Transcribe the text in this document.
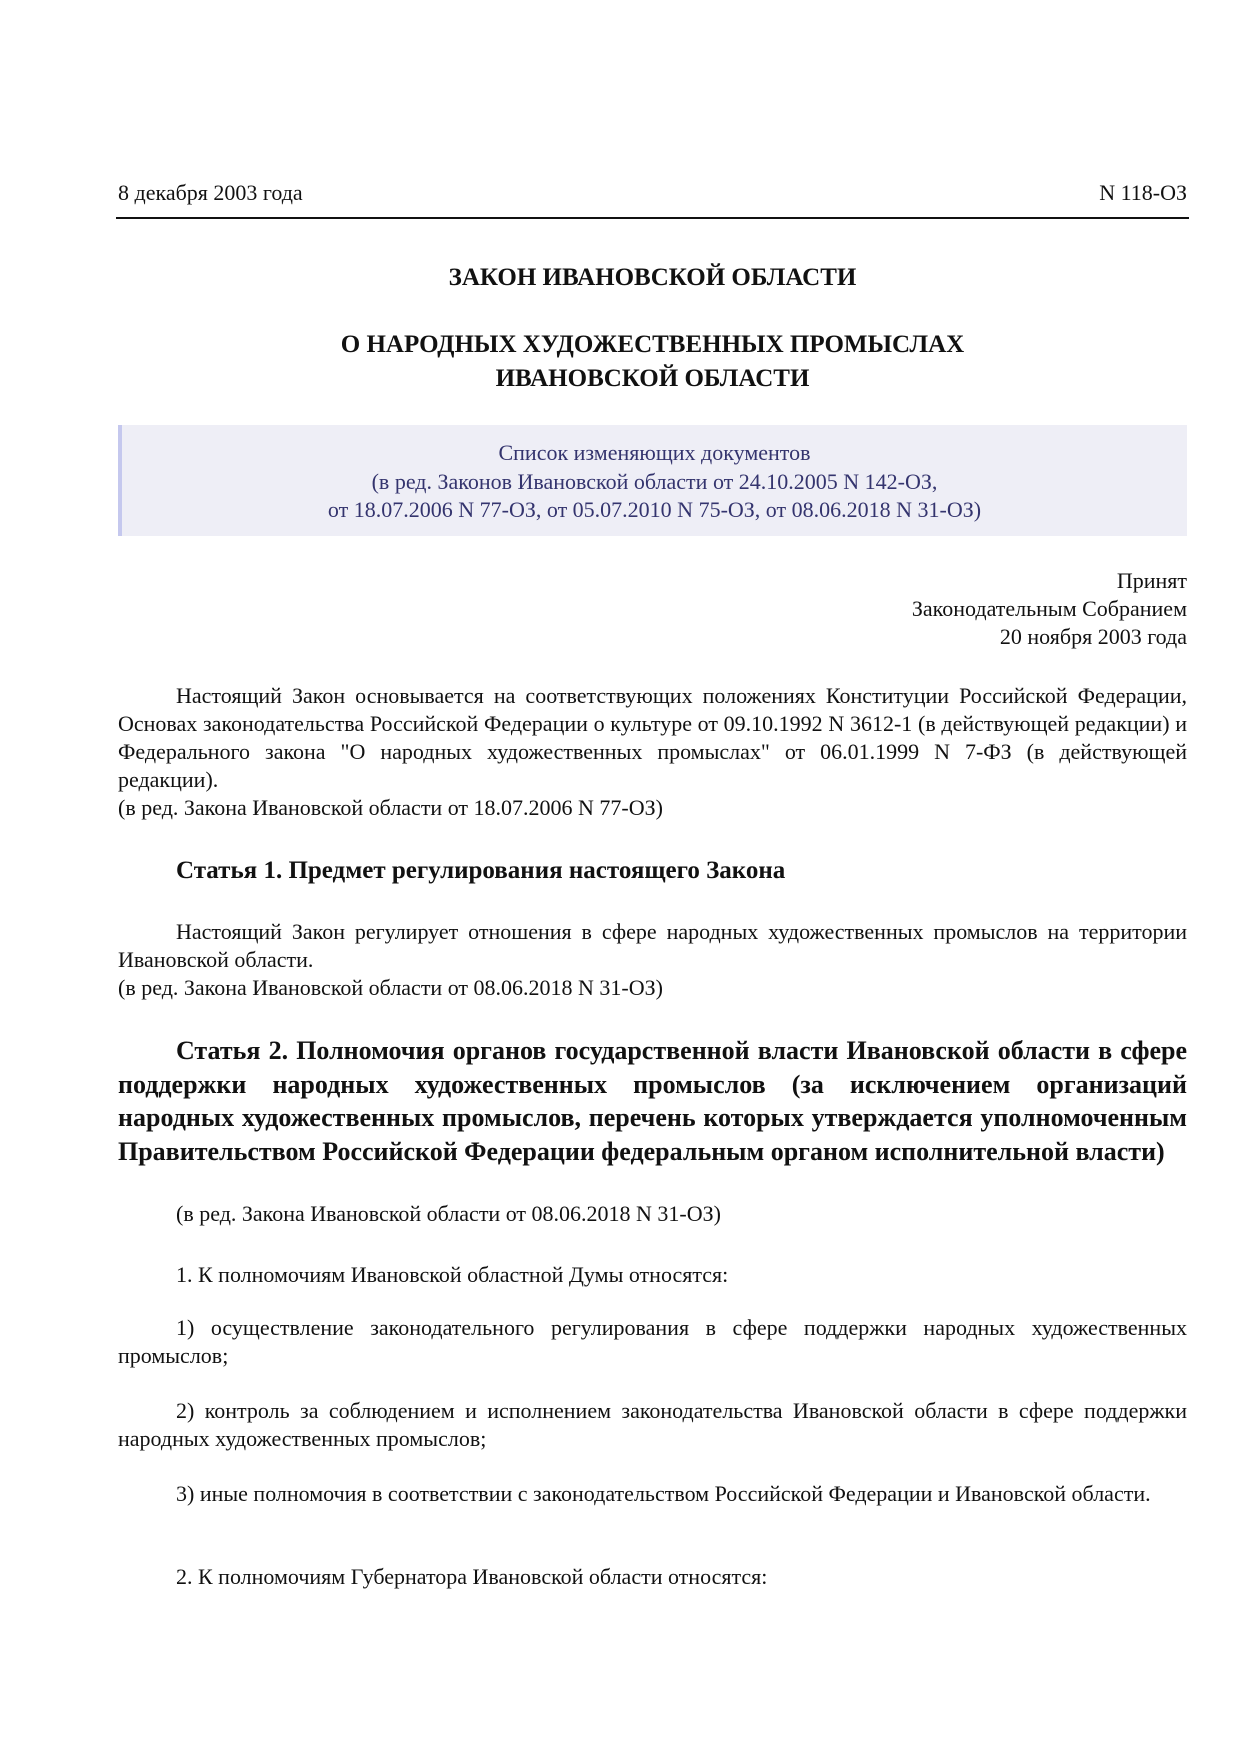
8 декабря 2003 года	N 118-ОЗ
ЗАКОН ИВАНОВСКОЙ ОБЛАСТИ
О НАРОДНЫХ ХУДОЖЕСТВЕННЫХ ПРОМЫСЛАХ
ИВАНОВСКОЙ ОБЛАСТИ
Список изменяющих документов
(в ред. Законов Ивановской области от 24.10.2005 N 142-ОЗ,
от 18.07.2006 N 77-ОЗ, от 05.07.2010 N 75-ОЗ, от 08.06.2018 N 31-ОЗ)
Принят
Законодательным Собранием
20 ноября 2003 года

Настоящий Закон основывается на соответствующих положениях Конституции Российской Федерации, Основах законодательства Российской Федерации о культуре от 09.10.1992 N 3612-1 (в действующей редакции) и Федерального закона "О народных художественных промыслах" от 06.01.1999 N 7-ФЗ (в действующей редакции).

(в ред. Закона Ивановской области от 18.07.2006 N 77-ОЗ)

Статья 1. Предмет регулирования настоящего Закона

Настоящий Закон регулирует отношения в сфере народных художественных промыслов на территории Ивановской области.

(в ред. Закона Ивановской области от 08.06.2018 N 31-ОЗ)

Статья 2. Полномочия органов государственной власти Ивановской области в сфере поддержки народных художественных промыслов (за исключением организаций народных художественных промыслов, перечень которых утверждается уполномоченным Правительством Российской Федерации федеральным органом исполнительной власти)

(в ред. Закона Ивановской области от 08.06.2018 N 31-ОЗ)

1. К полномочиям Ивановской областной Думы относятся:

1) осуществление законодательного регулирования в сфере поддержки народных художественных промыслов;

2) контроль за соблюдением и исполнением законодательства Ивановской области в сфере поддержки народных художественных промыслов;

3) иные полномочия в соответствии с законодательством Российской Федерации и Ивановской области.

2. К полномочиям Губернатора Ивановской области относятся:
